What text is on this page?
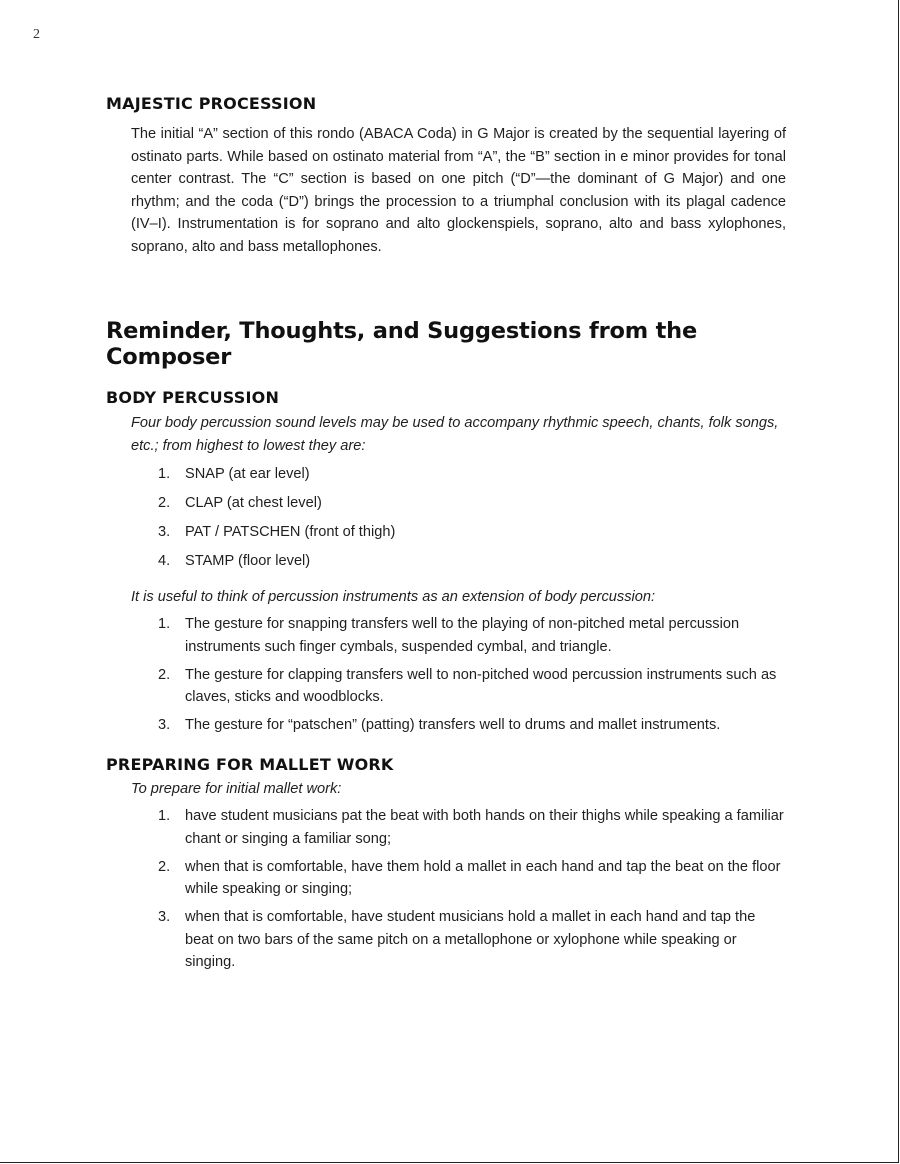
2
MAJESTIC PROCESSION

The initial “A” section of this rondo (ABACA Coda) in G Major is created by the sequential layering of ostinato parts. While based on ostinato material from “A”, the “B” section in e minor provides for tonal center contrast. The “C” section is based on one pitch (“D”—the dominant of G Major) and one rhythm; and the coda (“D”) brings the procession to a triumphal conclusion with its plagal cadence (IV–I). Instrumentation is for soprano and alto glockenspiels, soprano, alto and bass xylophones, soprano, alto and bass metallophones.

Reminder, Thoughts, and Suggestions from the Composer
BODY PERCUSSION

Four body percussion sound levels may be used to accompany rhythmic speech, chants, folk songs, etc.; from highest to lowest they are:

1. SNAP (at ear level)
2. CLAP (at chest level)
3. PAT / PATSCHEN (front of thigh)
4. STAMP (floor level)

It is useful to think of percussion instruments as an extension of body percussion:

1. The gesture for snapping transfers well to the playing of non-pitched metal percussion instruments such finger cymbals, suspended cymbal, and triangle.
2. The gesture for clapping transfers well to non-pitched wood percussion instruments such as claves, sticks and woodblocks.
3. The gesture for “patschen” (patting) transfers well to drums and mallet instruments.
PREPARING FOR MALLET WORK

To prepare for initial mallet work:

1. have student musicians pat the beat with both hands on their thighs while speaking a familiar chant or singing a familiar song;
2. when that is comfortable, have them hold a mallet in each hand and tap the beat on the floor while speaking or singing;
3. when that is comfortable, have student musicians hold a mallet in each hand and tap the beat on two bars of the same pitch on a metallophone or xylophone while speaking or singing.
